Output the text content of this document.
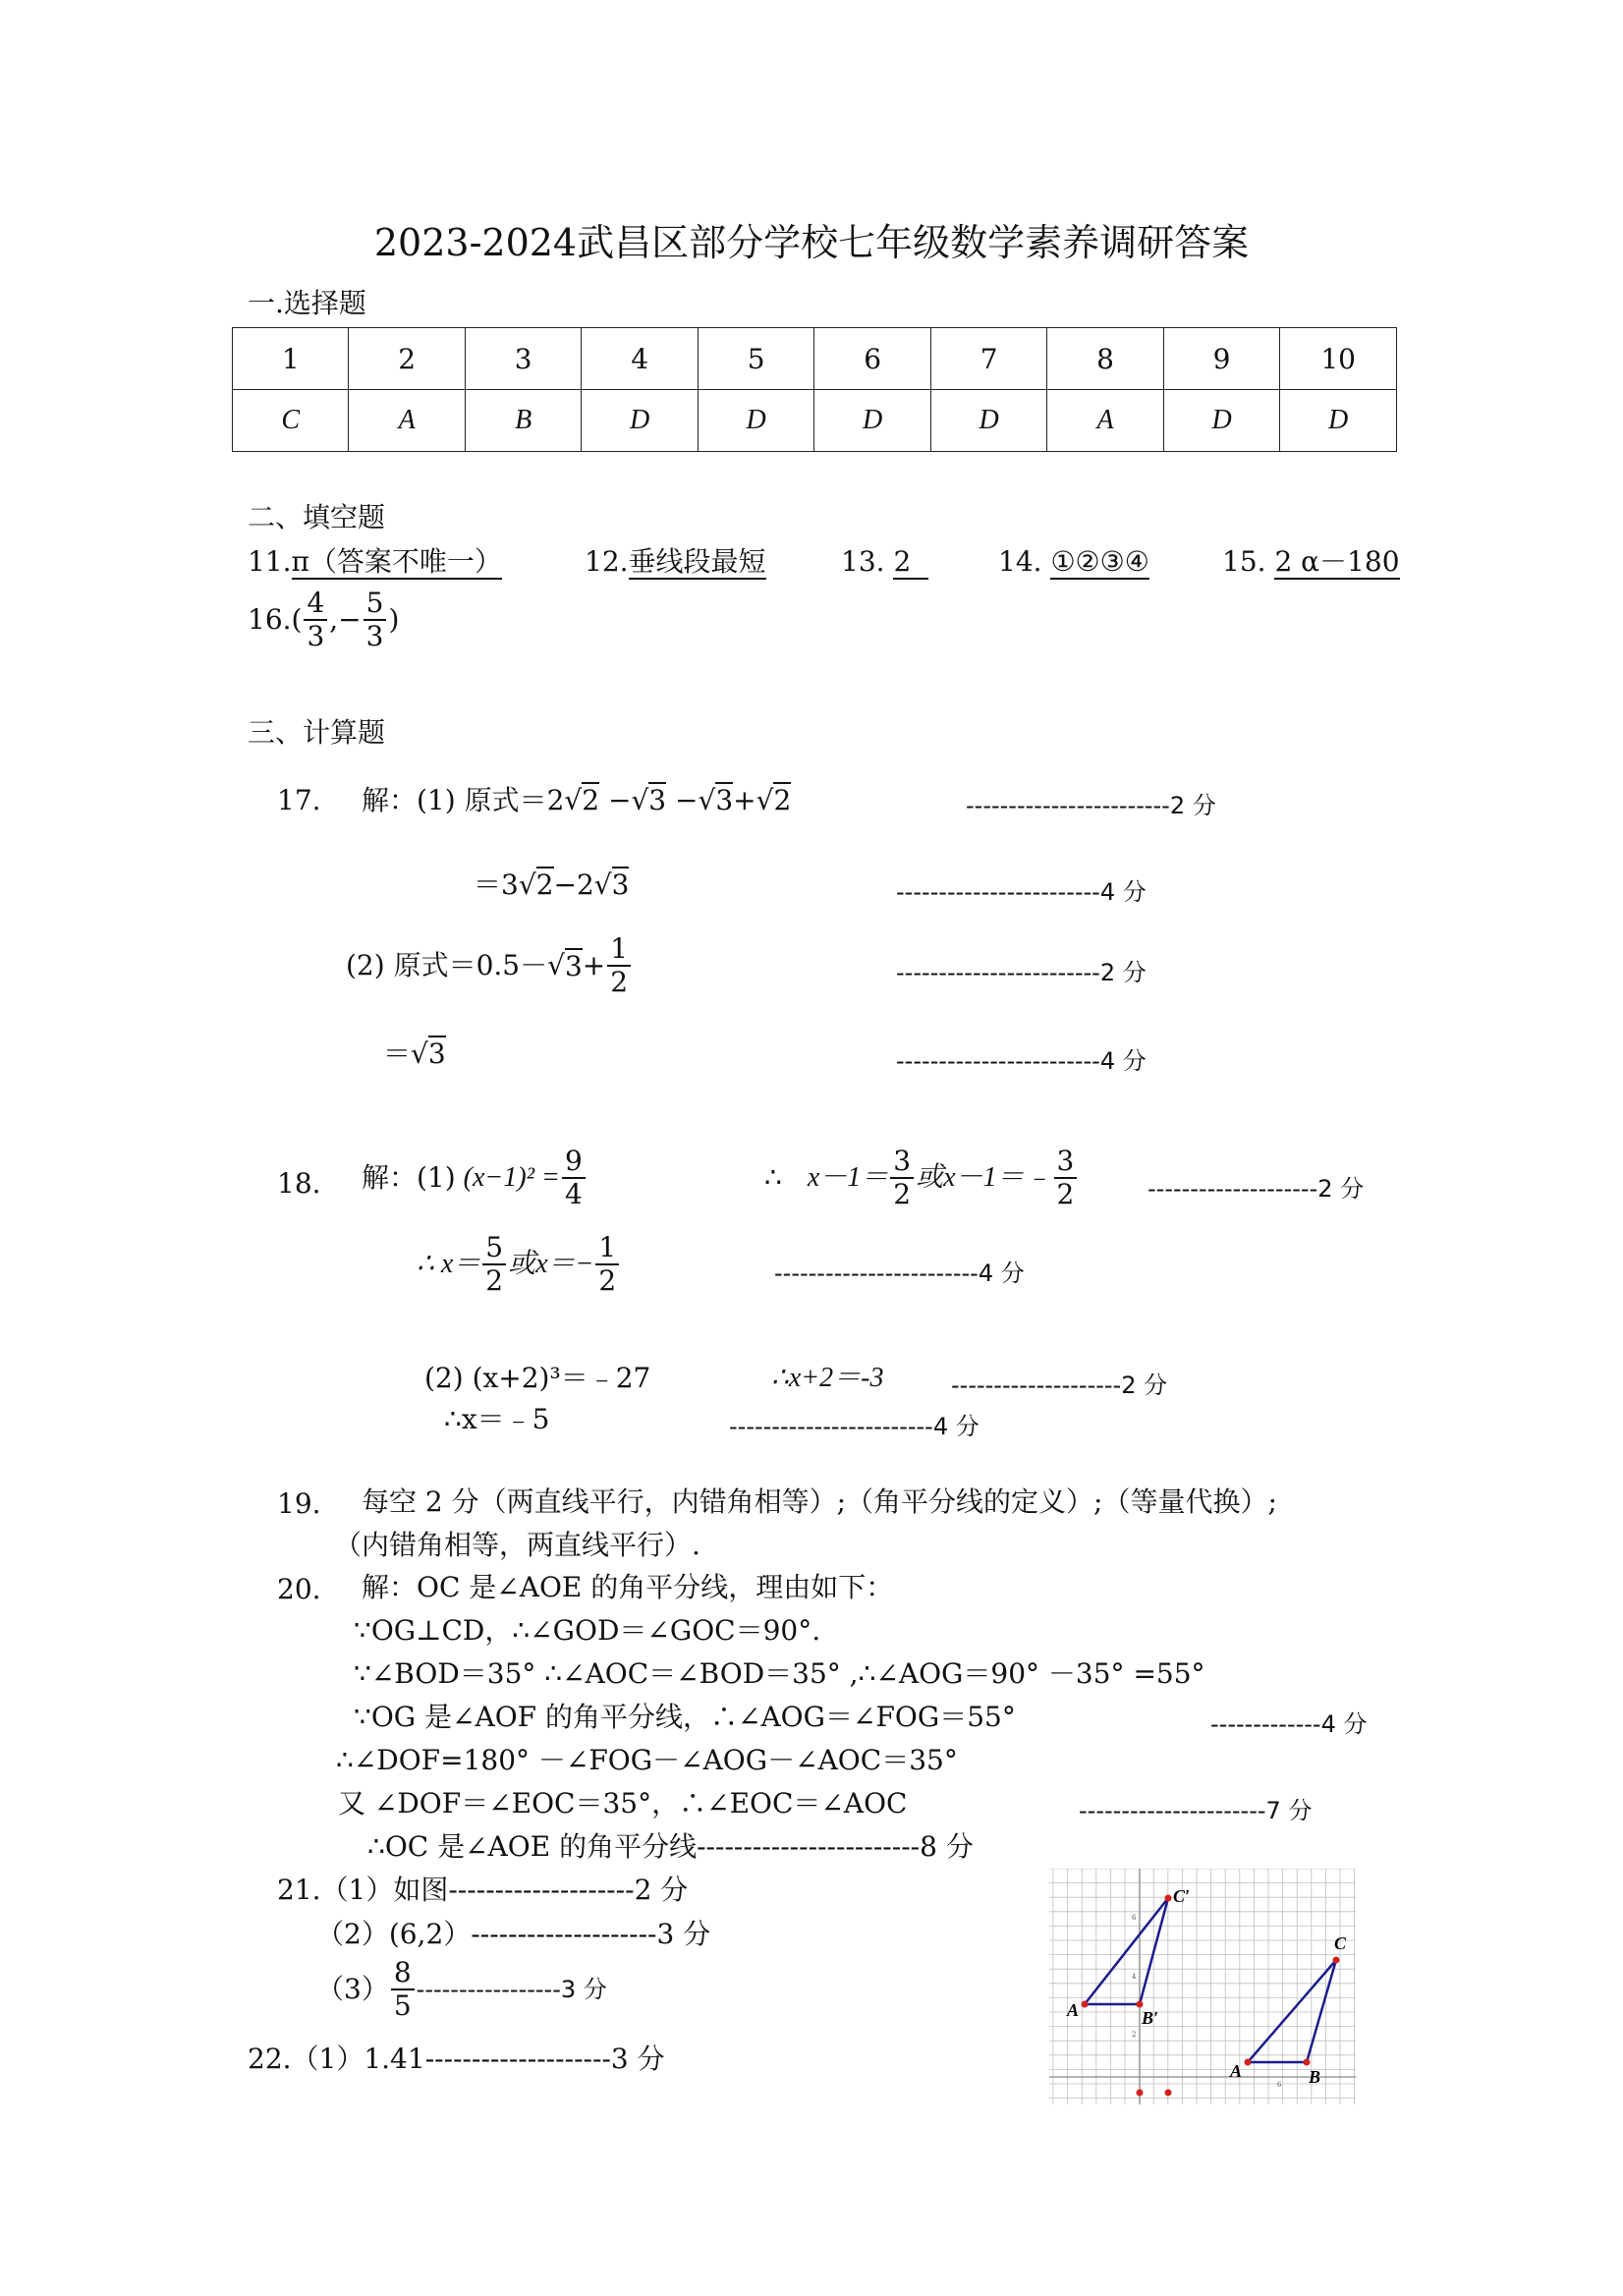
2023-2024武昌区部分学校七年级数学素养调研答案
一.选择题
1	2	3	4	5	6	7	8	9	10
C	A	B	D	D	D	D	A	D	D
二、填空题
11.π（答案不唯一）	12.垂线段最短	13. 2	14. ①②③④	15. 2 α－180
$16.( \frac{4}{3}$ ,− $\frac{5}{3}$ )
三、计算题
17. 解：(1) 原式＝2√2 −√3 −√3+√2	------------------------2 分
＝3√2−2√3	------------------------4 分
(2) 原式＝0.5－ √ $3 + \frac{1}{2}$	------------------------2 分
＝√3	------------------------4 分
18. 解：(1) $(x-1)^2 = \frac{9}{4}$	∴ $x-1= \frac{3}{2}$ 或x－1＝﹣ $\frac{3}{2}$	--------------------2 分
∴ $x= \frac{5}{2}$ 或$x=- \frac{1}{2}$	------------------------4 分
(2) (x+2)³＝﹣27	∴x+2＝-3	--------------------2 分
∴x＝﹣5	------------------------4 分
19. 每空 2 分（两直线平行，内错角相等）;（角平分线的定义）;（等量代换）;
（内错角相等，两直线平行）.
20. 解：OC 是∠AOE 的角平分线，理由如下：
∵OG⊥CD，∴∠GOD＝∠GOC＝90°.
∵∠BOD＝35° ∴∠AOC＝∠BOD＝35° ,∴∠AOG＝90° －35° =55°
∵OG 是∠AOF 的角平分线，∴∠AOG＝∠FOG＝55°	-------------4 分
∴∠DOF=180° －∠FOG－∠AOG－∠AOC＝35°
又 ∠DOF＝∠EOC＝35°，∴∠EOC＝∠AOC	----------------------7 分
∴OC 是∠AOE 的角平分线------------------------8 分
21.（1）如图--------------------2 分
（2）(6,2）--------------------3 分
$(3) \frac{8}{5} -----------------3$ 分
22.（1）1.41--------------------3 分
6
4
2
6
C′
A	B′
C
A	B
